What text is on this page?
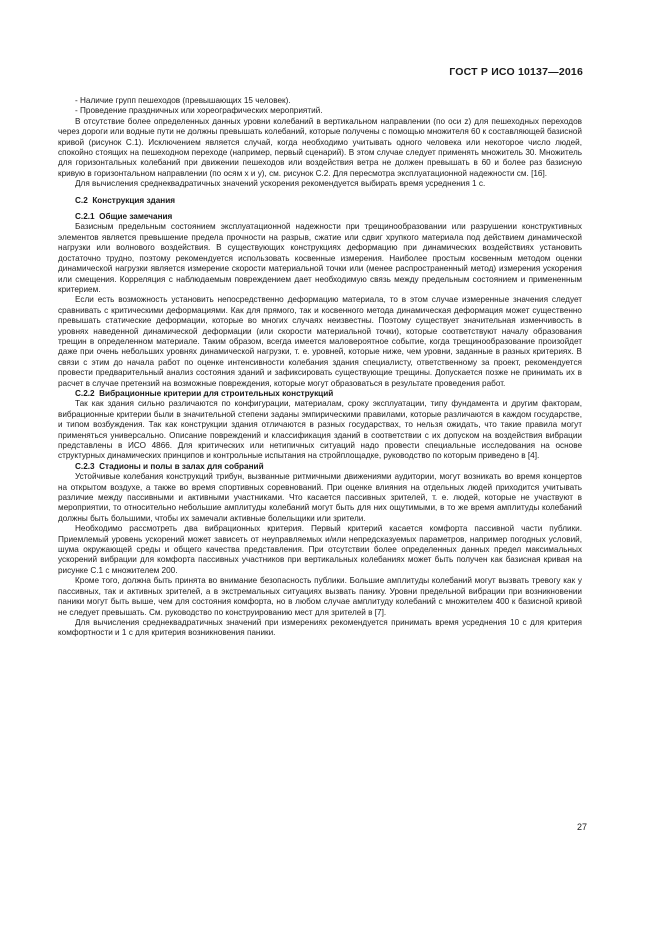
ГОСТ Р ИСО 10137—2016

- Наличие групп пешеходов (превышающих 15 человек).

- Проведение праздничных или хореографических мероприятий.

В отсутствие более определенных данных уровни колебаний в вертикальном направлении (по оси z) для пешеходных переходов через дороги или водные пути не должны превышать колебаний, которые получены с помощью множителя 60 к составляющей базисной кривой (рисунок С.1). Исключением является случай, когда необходимо учитывать одного человека или некоторое число людей, спокойно стоящих на пешеходном переходе (например, первый сценарий). В этом случае следует применять множитель 30. Множитель для горизонтальных колебаний при движении пешеходов или воздействия ветра не должен превышать в 60 и более раз базисную кривую в горизонтальном направлении (по осям x и y), см. рисунок С.2. Для пересмотра эксплуатационной надежности см. [16].

Для вычисления среднеквадратичных значений ускорения рекомендуется выбирать время усреднения 1 с.

С.2 Конструкция здания

С.2.1 Общие замечания

Базисным предельным состоянием эксплуатационной надежности при трещинообразовании или разрушении конструктивных элементов является превышение предела прочности на разрыв, сжатие или сдвиг хрупкого материала под действием динамической нагрузки или волнового воздействия. В существующих конструкциях деформацию при динамических воздействиях установить достаточно трудно, поэтому рекомендуется использовать косвенные измерения. Наиболее простым косвенным методом оценки динамической нагрузки является измерение скорости материальной точки или (менее распространенный метод) измерения ускорения или смещения. Корреляция с наблюдаемым повреждением дает необходимую связь между предельным состоянием и примененным критерием.

Если есть возможность установить непосредственно деформацию материала, то в этом случае измеренные значения следует сравнивать с критическими деформациями. Как для прямого, так и косвенного метода динамическая деформация может существенно превышать статические деформации, которые во многих случаях неизвестны. Поэтому существует значительная изменчивость в уровнях наведенной динамической деформации (или скорости материальной точки), которые соответствуют началу образования трещин в определенном материале. Таким образом, всегда имеется маловероятное событие, когда трещинообразование произойдет даже при очень небольших уровнях динамической нагрузки, т. е. уровней, которые ниже, чем уровни, заданные в разных критериях. В связи с этим до начала работ по оценке интенсивности колебания здания специалисту, ответственному за проект, рекомендуется провести предварительный анализ состояния зданий и зафиксировать существующие трещины. Допускается позже не принимать их в расчет в случае претензий на возможные повреждения, которые могут образоваться в результате проведения работ.

С.2.2 Вибрационные критерии для строительных конструкций

Так как здания сильно различаются по конфигурации, материалам, сроку эксплуатации, типу фундамента и другим факторам, вибрационные критерии были в значительной степени заданы эмпирическими правилами, которые различаются в каждом государстве, и типом возбуждения. Так как конструкции здания отличаются в разных государствах, то нельзя ожидать, что такие правила могут применяться универсально. Описание повреждений и классификация зданий в соответствии с их допуском на воздействия вибрации представлены в ИСО 4866. Для критических или нетипичных ситуаций надо провести специальные исследования на основе структурных динамических принципов и контрольные испытания на стройплощадке, руководство по которым приведено в [4].

С.2.3 Стадионы и полы в залах для собраний

Устойчивые колебания конструкций трибун, вызванные ритмичными движениями аудитории, могут возникать во время концертов на открытом воздухе, а также во время спортивных соревнований. При оценке влияния на отдельных людей приходится учитывать различие между пассивными и активными участниками. Что касается пассивных зрителей, т. е. людей, которые не участвуют в мероприятии, то относительно небольшие амплитуды колебаний могут быть для них ощутимыми, в то же время амплитуды колебаний должны быть большими, чтобы их замечали активные болельщики или зрители.

Необходимо рассмотреть два вибрационных критерия. Первый критерий касается комфорта пассивной части публики. Приемлемый уровень ускорений может зависеть от неуправляемых и/или непредсказуемых параметров, например погодных условий, шума окружающей среды и общего качества представления. При отсутствии более определенных данных предел максимальных ускорений вибрации для комфорта пассивных участников при вертикальных колебаниях может быть получен как базисная кривая на рисунке С.1 с множителем 200.

Кроме того, должна быть принята во внимание безопасность публики. Большие амплитуды колебаний могут вызвать тревогу как у пассивных, так и активных зрителей, а в экстремальных ситуациях вызвать панику. Уровни предельной вибрации при возникновении паники могут быть выше, чем для состояния комфорта, но в любом случае амплитуду колебаний с множителем 400 к базисной кривой не следует превышать. См. руководство по конструированию мест для зрителей в [7].

Для вычисления среднеквадратичных значений при измерениях рекомендуется принимать время усреднения 10 с для критерия комфортности и 1 с для критерия возникновения паники.

27
